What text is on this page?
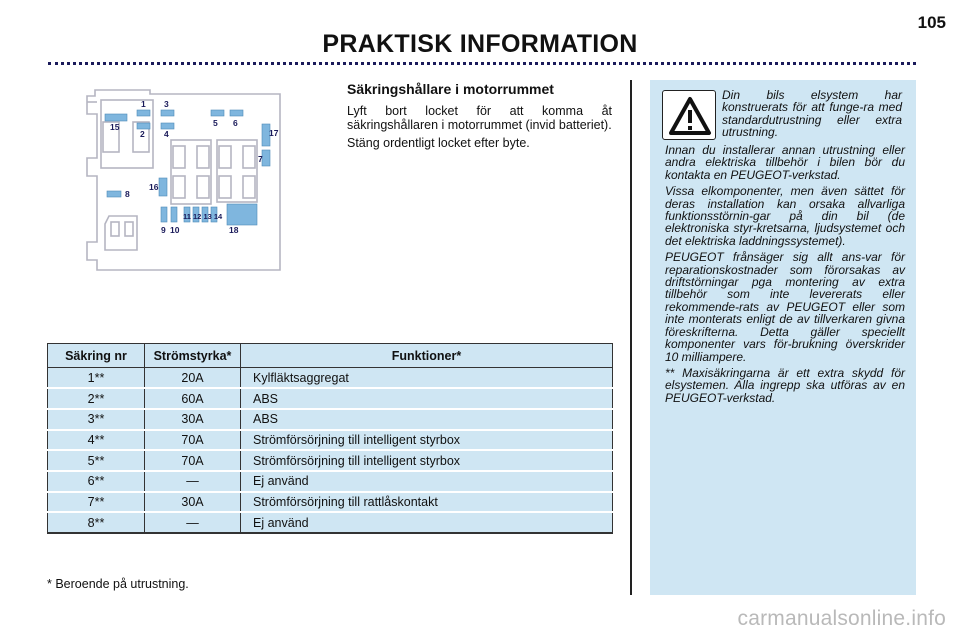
105
PRAKTISK INFORMATION
1 3
15
2 4
5 6
17
7
16
8
11 12 13 14
9 10	18
Säkringshållare i motorrummet

Lyft bort locket för att komma åt säkringshållaren i motorrummet (invid batteriet).

Stäng ordentligt locket efter byte.

Säkring nr	Strömstyrka*	Funktioner*
1**	20A	Kylfläktsaggregat
2**	60A	ABS
3**	30A	ABS
4**	70A	Strömförsörjning till intelligent styrbox
5**	70A	Strömförsörjning till intelligent styrbox
6**	—	Ej använd
7**	30A	Strömförsörjning till rattlåskontakt
8**	—	Ej använd
* Beroende på utrustning.
Din bils elsystem har konstruerats för att funge-ra med standardutrustning eller extra utrustning.

Innan du installerar annan utrustning eller andra elektriska tillbehör i bilen bör du kontakta en PEUGEOT-verkstad.

Vissa elkomponenter, men även sättet för deras installation kan orsaka allvarliga funktionsstörnin-gar på din bil (de elektroniska styr-kretsarna, ljudsystemet och det elektriska laddningssystemet).

PEUGEOT frånsäger sig allt ans-var för reparationskostnader som förorsakas av driftstörningar pga montering av extra tillbehör som inte levererats eller rekommende-rats av PEUGEOT eller som inte monterats enligt de av tillverkaren givna föreskrifterna. Detta gäller speciellt komponenter vars för-brukning överskrider 10 milliampere.

** Maxisäkringarna är ett extra skydd för elsystemen. Alla ingrepp ska utföras av en PEUGEOT-verkstad.

carmanualsonline.info
